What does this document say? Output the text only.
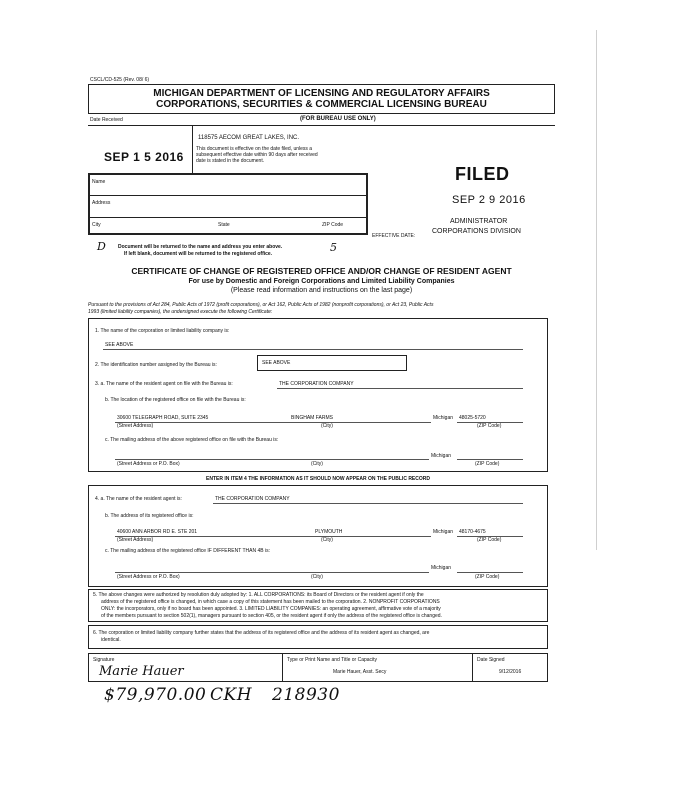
CSCL/CD-525 (Rev. 08/ 6)
MICHIGAN DEPARTMENT OF LICENSING AND REGULATORY AFFAIRS
CORPORATIONS, SECURITIES & COMMERCIAL LICENSING BUREAU
Date Received	(FOR BUREAU USE ONLY)
SEP 1 5 2016
118575 AECOM GREAT LAKES, INC.
This document is effective on the date filed, unless a
subsequent effective date within 90 days after received
date is stated in the document.
Name
Address
City	State	ZIP Code
FILED
SEP 2 9 2016
ADMINISTRATOR
EFFECTIVE DATE:
CORPORATIONS DIVISION
D Document will be returned to the name and address you enter above.
If left blank, document will be returned to the registered office.	5
CERTIFICATE OF CHANGE OF REGISTERED OFFICE AND/OR CHANGE OF RESIDENT AGENT
For use by Domestic and Foreign Corporations and Limited Liability Companies
(Please read information and instructions on the last page)
Pursuant to the provisions of Act 284, Public Acts of 1972 (profit corporations), or Act 162, Public Acts of 1982 (nonprofit corporations), or Act 23, Public Acts
1993 (limited liability companies), the undersigned execute the following Certificate:
1. The name of the corporation or limited liability company is:
SEE ABOVE
2. The identification number assigned by the Bureau is:	SEE ABOVE
3. a. The name of the resident agent on file with the Bureau is:	THE CORPORATION COMPANY
b. The location of the registered office on file with the Bureau is:
30600 TELEGRAPH ROAD, SUITE 2345	BINGHAM FARMS	Michigan 48025-5720
(Street Address)	(City)	(ZIP Code)
c. The mailing address of the above registered office on file with the Bureau is:
Michigan
(Street Address or P.O. Box)	(City)	(ZIP Code)
ENTER IN ITEM 4 THE INFORMATION AS IT SHOULD NOW APPEAR ON THE PUBLIC RECORD
4. a. The name of the resident agent is:	THE CORPORATION COMPANY
b. The address of its registered office is:
40600 ANN ARBOR RD E. STE 201	PLYMOUTH	Michigan 48170-4675
(Street Address)	(City)	(ZIP Code)
c. The mailing address of the registered office IF DIFFERENT THAN 4B is:
Michigan
(Street Address or P.O. Box)	(City)	(ZIP Code)
5. The above changes were authorized by resolution duly adopted by: 1. ALL CORPORATIONS: its Board of Directors or the resident agent if only the
address of the registered office is changed, in which case a copy of this statement has been mailed to the corporation. 2. NONPROFIT CORPORATIONS
ONLY: the incorporators, only if no board has been appointed. 3. LIMITED LIABILITY COMPANIES: an operating agreement, affirmative vote of a majority
of the members pursuant to section 502(1), managers pursuant to section 405, or the resident agent if only the address of the registered office is changed.
6. The corporation or limited liability company further states that the address of its registered office and the address of its resident agent as changed, are
identical.
Signature
Marie Hauer
Type or Print Name and Title or Capacity
Marie Hauer, Asst. Secy
Date Signed
9/12/2016
$79,970.00 CKH 218930
